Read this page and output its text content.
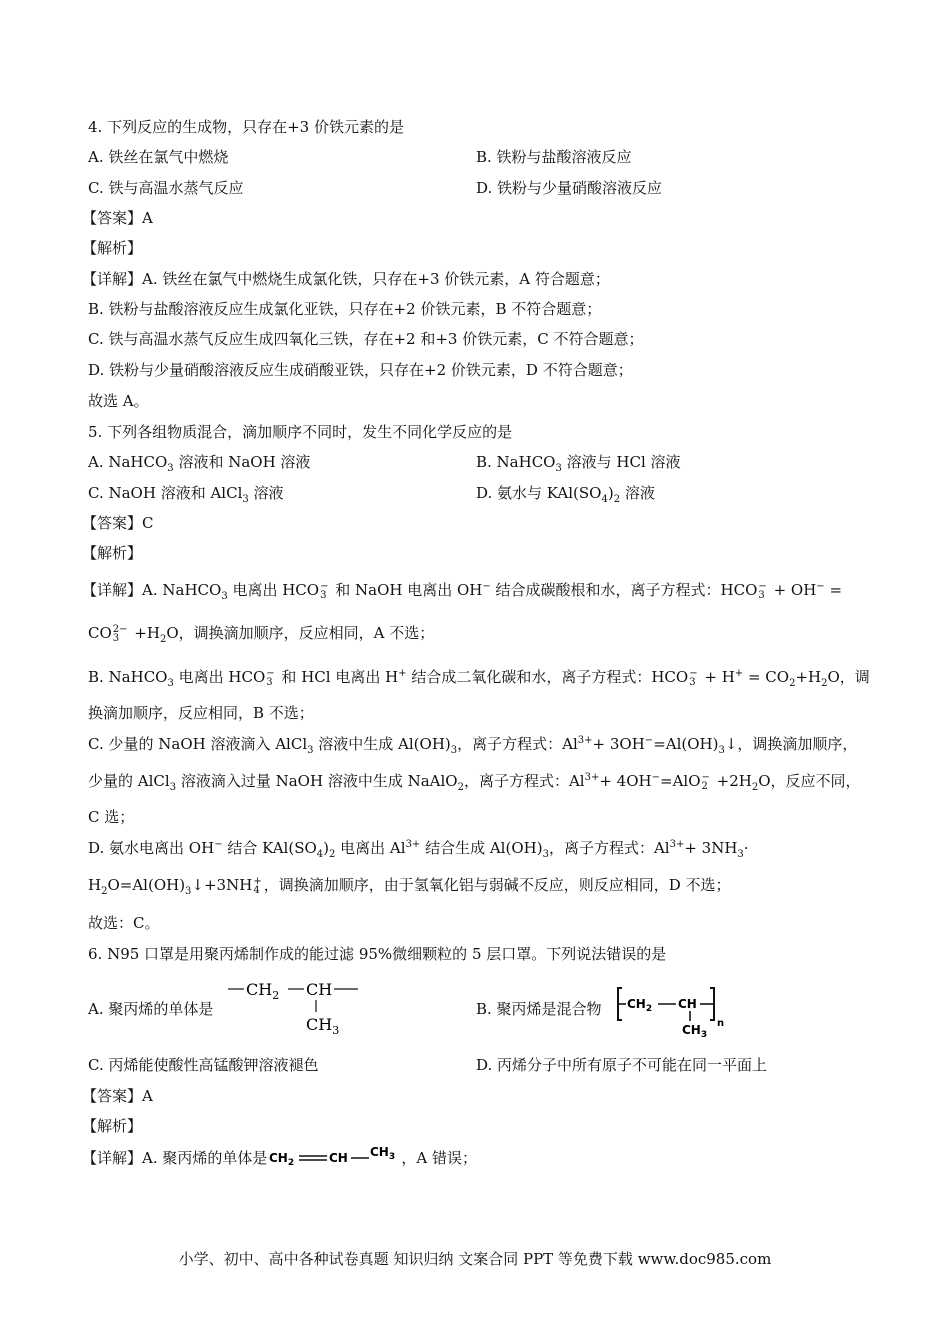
4. 下列反应的生成物，只存在+3 价铁元素的是
A. 铁丝在氯气中燃烧	B. 铁粉与盐酸溶液反应
C. 铁与高温水蒸气反应	D. 铁粉与少量硝酸溶液反应
【答案】A
【解析】
【详解】A. 铁丝在氯气中燃烧生成氯化铁，只存在+3 价铁元素，A 符合题意；
B. 铁粉与盐酸溶液反应生成氯化亚铁，只存在+2 价铁元素，B 不符合题意；
C. 铁与高温水蒸气反应生成四氧化三铁，存在+2 和+3 价铁元素，C 不符合题意；
D. 铁粉与少量硝酸溶液反应生成硝酸亚铁，只存在+2 价铁元素，D 不符合题意；
故选 A。
5. 下列各组物质混合，滴加顺序不同时，发生不同化学反应的是
A. NaHCO$_3$ 溶液和 NaOH 溶液	B. NaHCO$_3$ 溶液与 HCl 溶液
C. NaOH 溶液和 AlCl$_3$ 溶液	D. 氨水与 $KAl(SO_4)_2$ 溶液
【答案】C
【解析】
【详解】A. NaHCO$_3$ 电离出 HCO −
3 和 NaOH 电离出 OH− 结合成碳酸根和水，离子方程式：HCO −
3 + OH− =
CO 2−
$3 +H_2O$，调换滴加顺序，反应相同，A 不选；
B. NaHCO$_3$ 电离出 HCO −
3 和 HCl 电离出 H+ 结合成二氧化碳和水，离子方程式：HCO −
$3 + H^+ = CO_2+H_2O$，调
换滴加顺序，反应相同，B 不选；
C. 少量的 NaOH 溶液滴入 AlCl$_3$ 溶液中生成 $Al(OH)_3$，离子方程式：$Al^{3+}+$ $3OH^-=Al(OH)_3↓$，调换滴加顺序，
少量的 AlCl$_3$ 溶液滴入过量 NaOH 溶液中生成 NaAlO$_2$，离子方程式：$Al^{3+}+ 4OH^-=AlO$ −
$2 +2H_2O$，反应不同，
C 选；
D. 氨水电离出 OH− 结合 $KAl(SO_4)_2$ 电离出 $Al^{3+}$ 结合生成 $Al(OH)_3$，离子方程式：$Al^{3+}+ 3NH_3\cdot$
$H_2O=Al(OH)_3↓+3NH$ +
4 ，调换滴加顺序，由于氢氧化铝与弱碱不反应，则反应相同，D 不选；
故选：C。
6. N95 口罩是用聚丙烯制作成的能过滤 95%微细颗粒的 5 层口罩。下列说法错误的是
A. 聚丙烯的单体是
$CH_2$ CH
$CH_3$
B. 聚丙烯是混合物 $CH_2$ CH
$CH_3$
n
C. 丙烯能使酸性高锰酸钾溶液褪色	D. 丙烯分子中所有原子不可能在同一平面上
【答案】A
【解析】
【详解】A. 聚丙烯的单体是 $CH_2$	CH $CH_3$ ，A 错误；
小学、初中、高中各种试卷真题 知识归纳 文案合同 PPT 等免费下载 www.doc985.com
